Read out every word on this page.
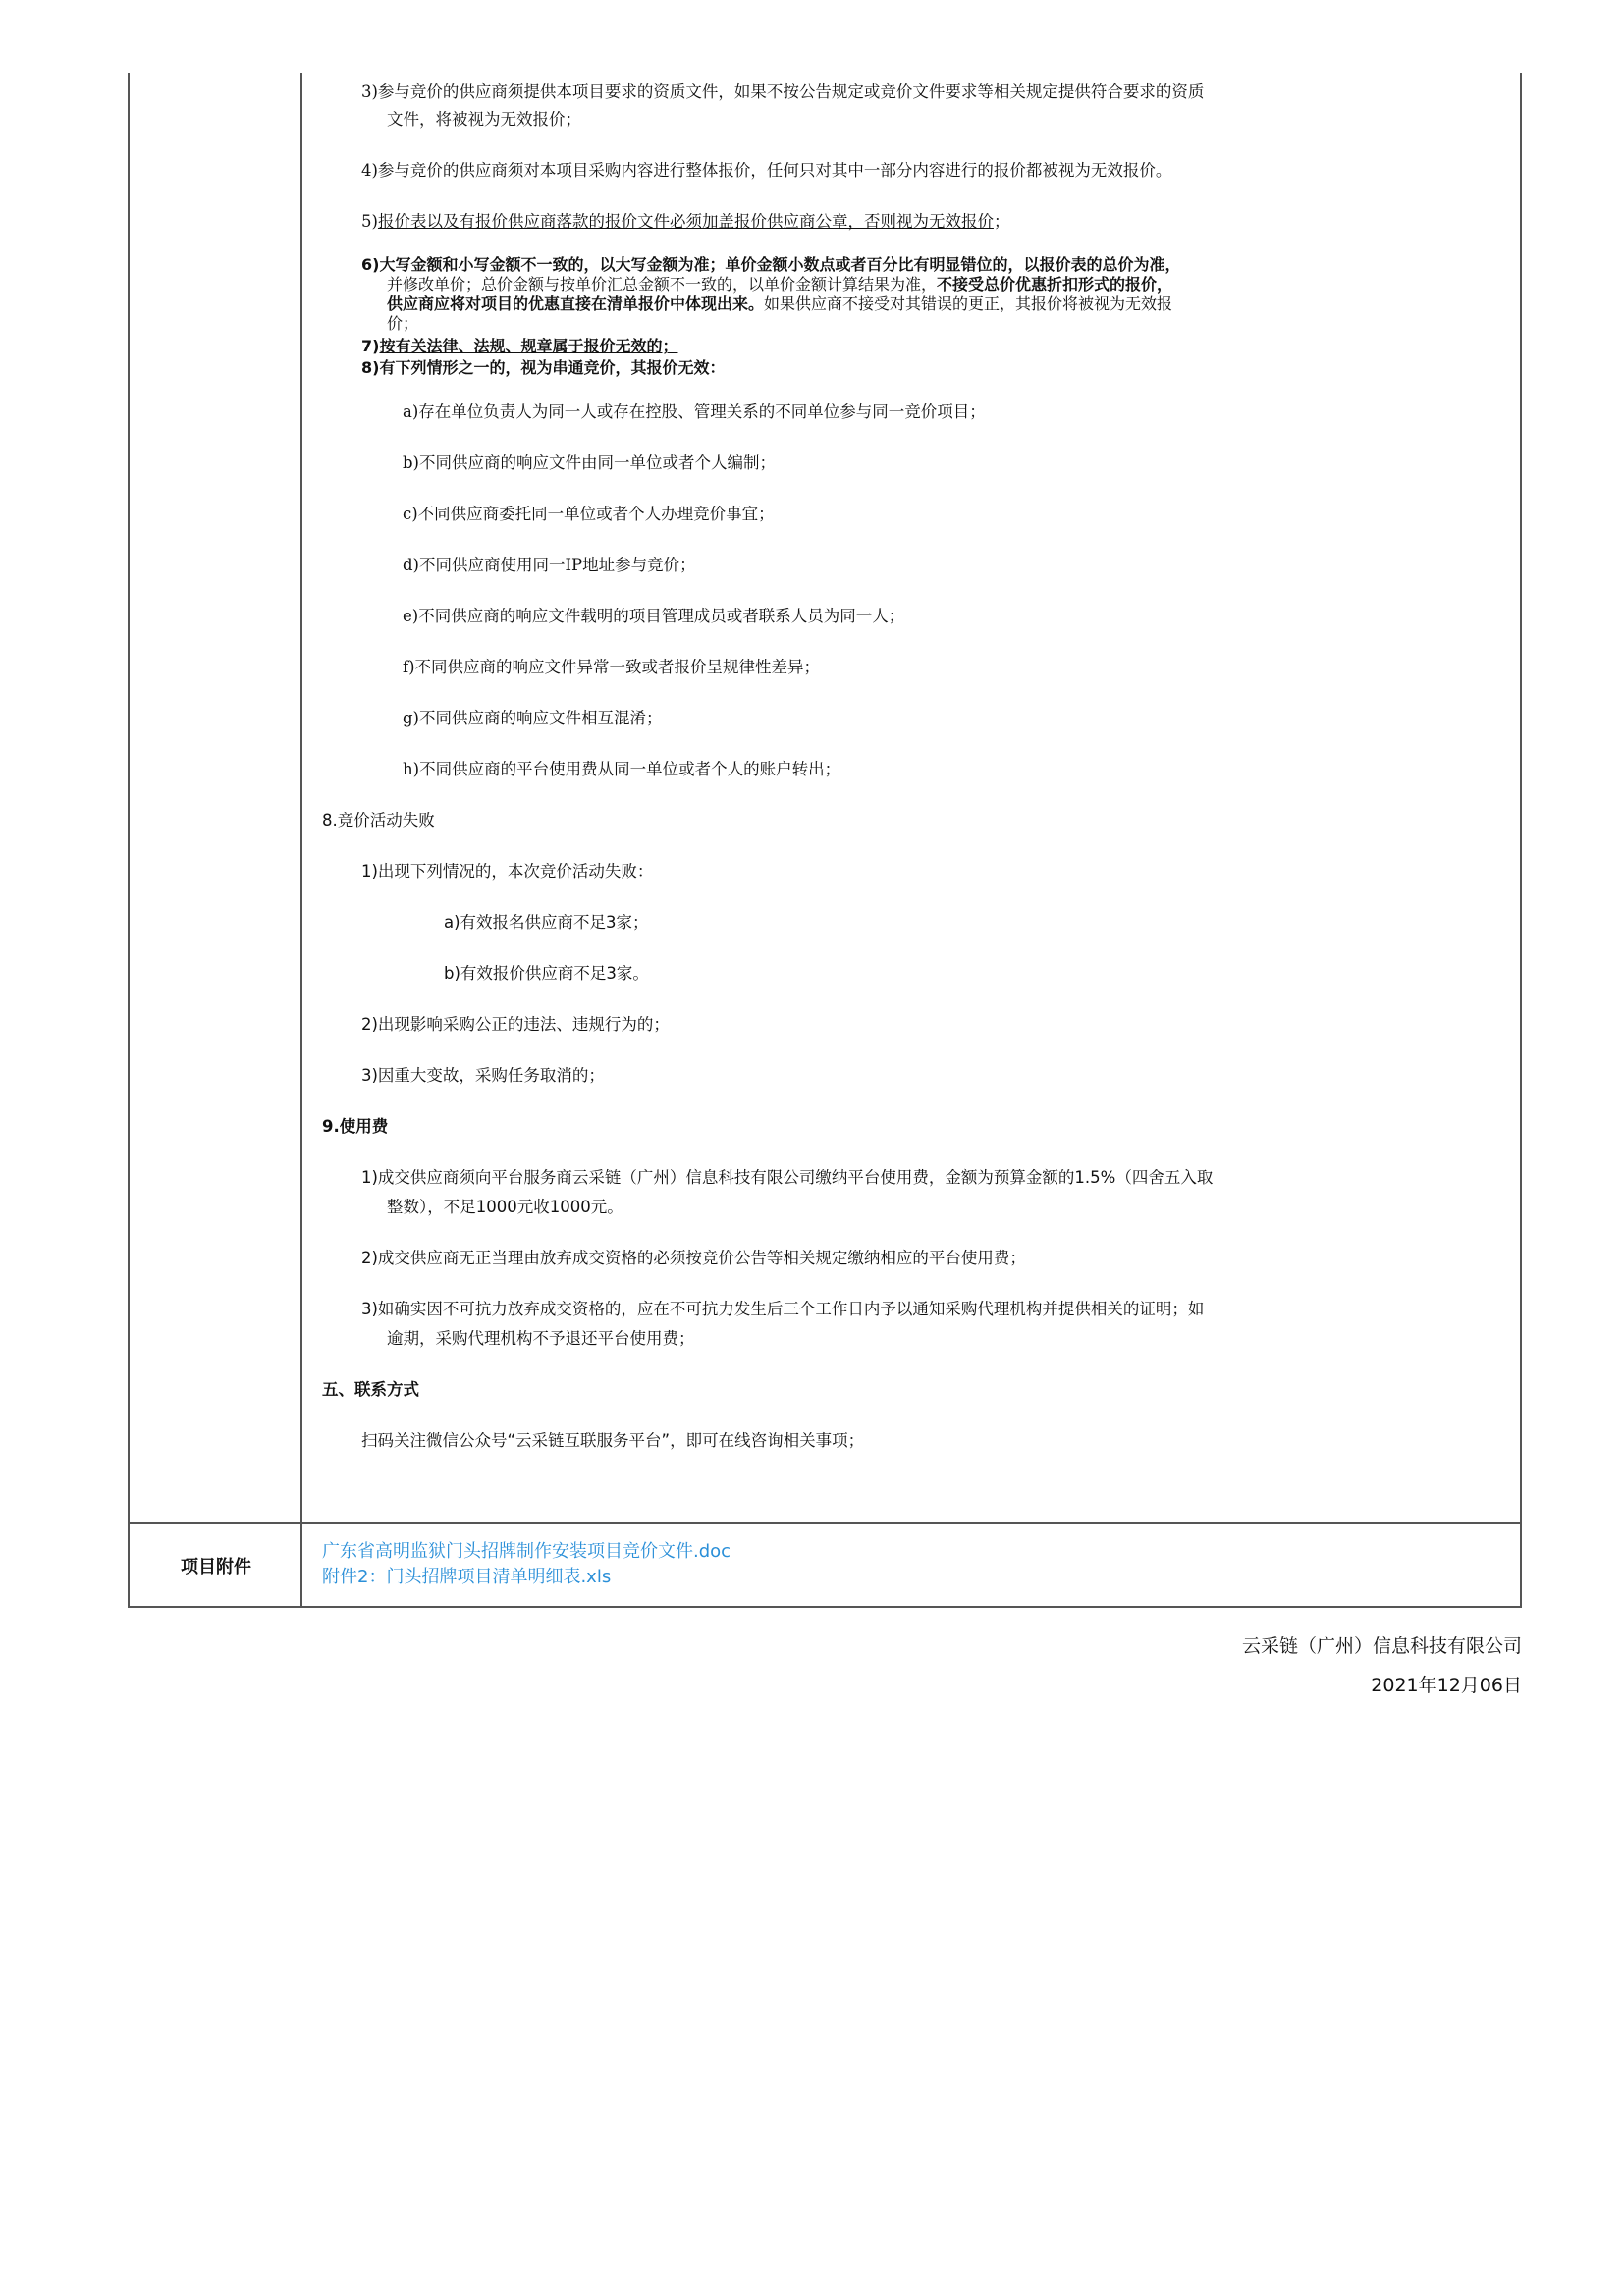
3)参与竞价的供应商须提供本项目要求的资质文件，如果不按公告规定或竞价文件要求等相关规定提供符合要求的资质
文件，将被视为无效报价；
4)参与竞价的供应商须对本项目采购内容进行整体报价，任何只对其中一部分内容进行的报价都被视为无效报价。
5)报价表以及有报价供应商落款的报价文件必须加盖报价供应商公章，否则视为无效报价；
6)大写金额和小写金额不一致的，以大写金额为准；单价金额小数点或者百分比有明显错位的，以报价表的总价为准，
并修改单价；总价金额与按单价汇总金额不一致的，以单价金额计算结果为准，不接受总价优惠折扣形式的报价，
供应商应将对项目的优惠直接在清单报价中体现出来。如果供应商不接受对其错误的更正，其报价将被视为无效报
价；
7)按有关法律、法规、规章属于报价无效的；
8)有下列情形之一的，视为串通竞价，其报价无效：
a)存在单位负责人为同一人或存在控股、管理关系的不同单位参与同一竞价项目；
b)不同供应商的响应文件由同一单位或者个人编制；
c)不同供应商委托同一单位或者个人办理竞价事宜；
d)不同供应商使用同一IP地址参与竞价；
e)不同供应商的响应文件载明的项目管理成员或者联系人员为同一人；
f)不同供应商的响应文件异常一致或者报价呈规律性差异；
g)不同供应商的响应文件相互混淆；
h)不同供应商的平台使用费从同一单位或者个人的账户转出；
8.竞价活动失败
1)出现下列情况的，本次竞价活动失败：
a)有效报名供应商不足3家；
b)有效报价供应商不足3家。
2)出现影响采购公正的违法、违规行为的；
3)因重大变故，采购任务取消的；
9.使用费
1)成交供应商须向平台服务商云采链（广州）信息科技有限公司缴纳平台使用费，金额为预算金额的1.5%（四舍五入取
整数），不足1000元收1000元。
2)成交供应商无正当理由放弃成交资格的必须按竞价公告等相关规定缴纳相应的平台使用费；
3)如确实因不可抗力放弃成交资格的，应在不可抗力发生后三个工作日内予以通知采购代理机构并提供相关的证明；如
逾期，采购代理机构不予退还平台使用费；
五、联系方式
扫码关注微信公众号“云采链互联服务平台”，即可在线咨询相关事项；
项目附件
广东省高明监狱门头招牌制作安装项目竞价文件.doc
附件2：门头招牌项目清单明细表.xls
云采链（广州）信息科技有限公司
2021年12月06日
